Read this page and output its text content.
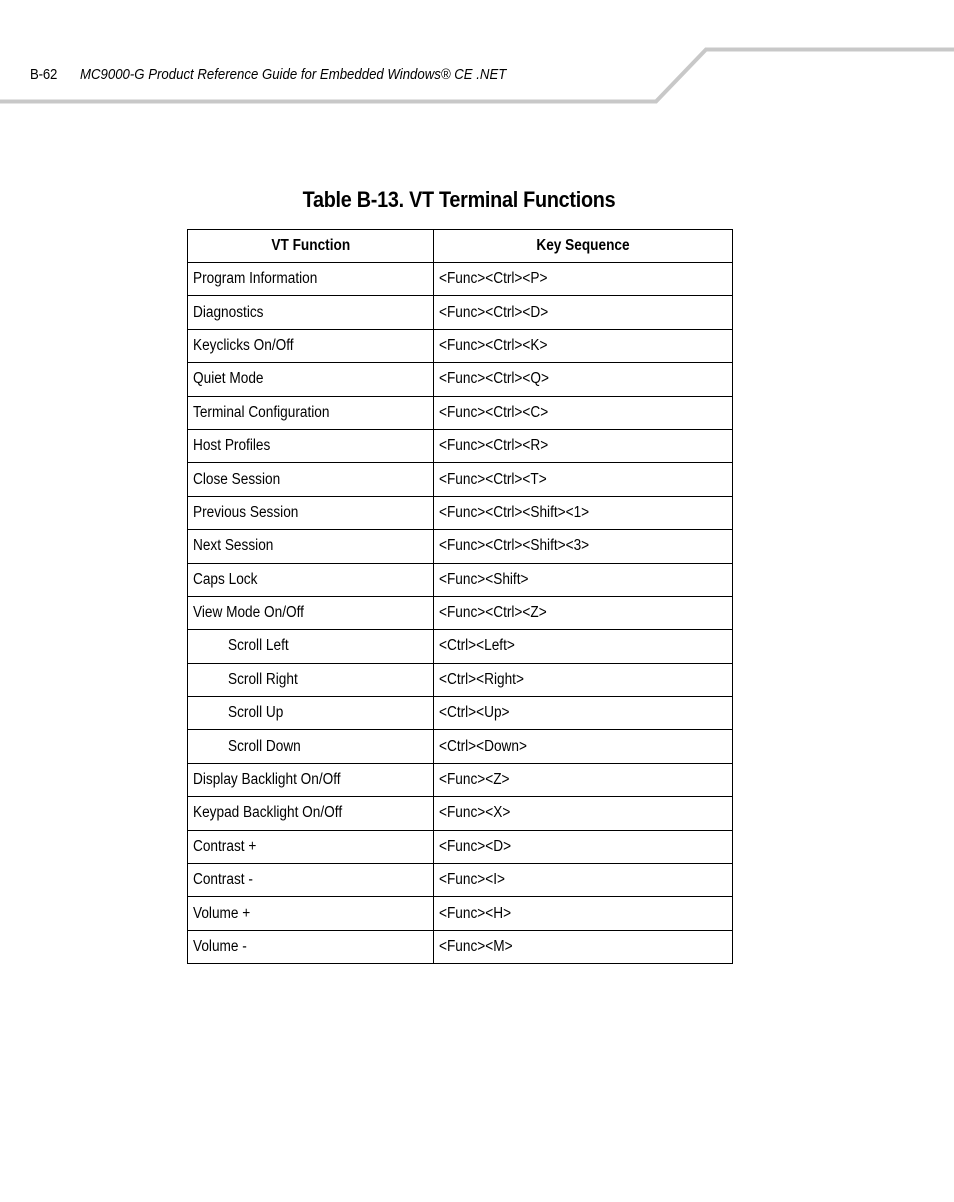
B-62 MC9000-G Product Reference Guide for Embedded Windows® CE .NET
Table B-13. VT Terminal Functions
VT Function	Key Sequence
Program Information	<Func><Ctrl><P>
Diagnostics	<Func><Ctrl><D>
Keyclicks On/Off	<Func><Ctrl><K>
Quiet Mode	<Func><Ctrl><Q>
Terminal Configuration	<Func><Ctrl><C>
Host Profiles	<Func><Ctrl><R>
Close Session	<Func><Ctrl><T>
Previous Session	<Func><Ctrl><Shift><1>
Next Session	<Func><Ctrl><Shift><3>
Caps Lock	<Func><Shift>
View Mode On/Off	<Func><Ctrl><Z>
Scroll Left	<Ctrl><Left>
Scroll Right	<Ctrl><Right>
Scroll Up	<Ctrl><Up>
Scroll Down	<Ctrl><Down>
Display Backlight On/Off	<Func><Z>
Keypad Backlight On/Off	<Func><X>
Contrast +	<Func><D>
Contrast -	<Func><I>
Volume +	<Func><H>
Volume -	<Func><M>
